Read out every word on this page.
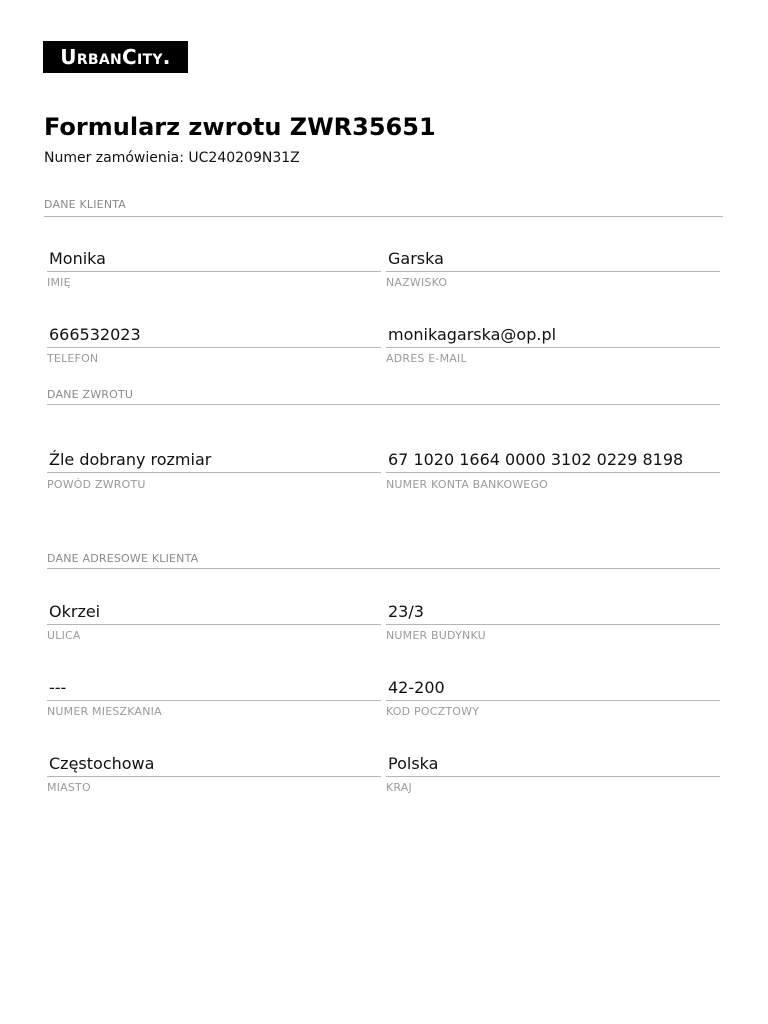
UrbanCity.
Formularz zwrotu ZWR35651
Numer zamówienia: UC240209N31Z
DANE KLIENTA
Monika
IMIĘ
Garska
NAZWISKO
666532023
TELEFON
monikagarska@op.pl
ADRES E-MAIL
DANE ZWROTU
Źle dobrany rozmiar
POWÓD ZWROTU
67 1020 1664 0000 3102 0229 8198
NUMER KONTA BANKOWEGO
DANE ADRESOWE KLIENTA
Okrzei
ULICA
23/3
NUMER BUDYNKU
---
NUMER MIESZKANIA
42-200
KOD POCZTOWY
Częstochowa
MIASTO
Polska
KRAJ
